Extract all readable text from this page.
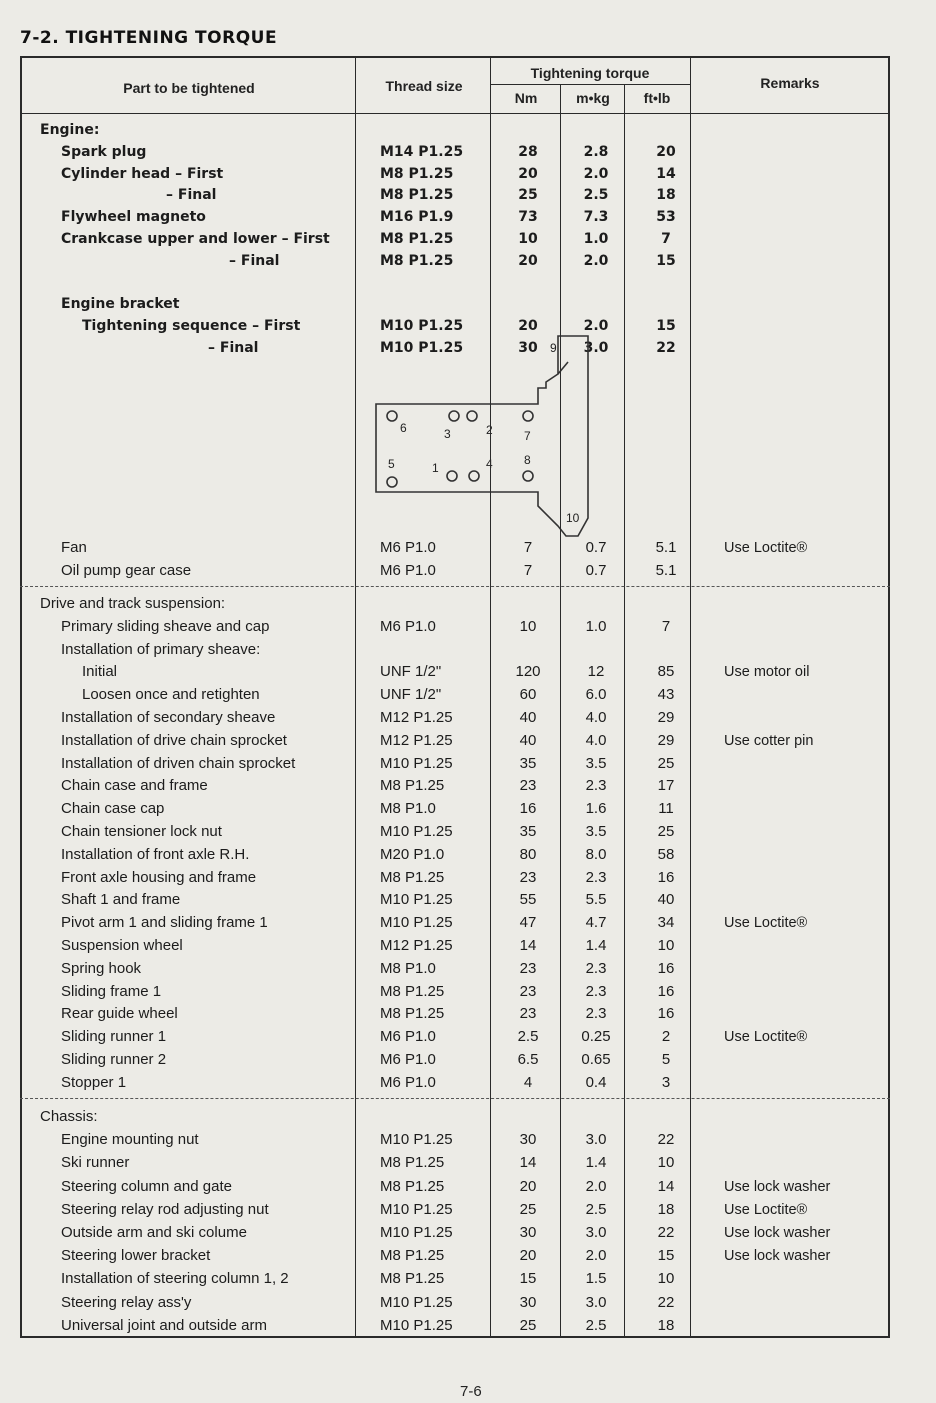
7-2. TIGHTENING TORQUE
Part to be tightened	Thread size
Tightening torque
Nm	m•kg	ft•lb
Remarks
Engine:
Spark plug	M14 P1.25	28	2.8	20
Cylinder head – First	M8 P1.25	20	2.0	14
– Final	M8 P1.25	25	2.5	18
Flywheel magneto	M16 P1.9	73	7.3	53
Crankcase upper and lower – First	M8 P1.25	10	1.0	7
– Final	M8 P1.25	20	2.0	15
Engine bracket
Tightening sequence – First	M10 P1.25	20	2.0	15
– Final	M10 P1.25	30	3.0	22
Fan	M6 P1.0	7	0.7	5.1	Use Loctite®
Oil pump gear case	M6 P1.0	7	0.7	5.1
Drive and track suspension:
Primary sliding sheave and cap	M6 P1.0	10	1.0	7
Installation of primary sheave:
Initial	UNF 1/2"	120	12	85	Use motor oil
Loosen once and retighten	UNF 1/2"	60	6.0	43
Installation of secondary sheave	M12 P1.25	40	4.0	29
Installation of drive chain sprocket	M12 P1.25	40	4.0	29	Use cotter pin
Installation of driven chain sprocket	M10 P1.25	35	3.5	25
Chain case and frame	M8 P1.25	23	2.3	17
Chain case cap	M8 P1.0	16	1.6	11
Chain tensioner lock nut	M10 P1.25	35	3.5	25
Installation of front axle R.H.	M20 P1.0	80	8.0	58
Front axle housing and frame	M8 P1.25	23	2.3	16
Shaft 1 and frame	M10 P1.25	55	5.5	40
Pivot arm 1 and sliding frame 1	M10 P1.25	47	4.7	34	Use Loctite®
Suspension wheel	M12 P1.25	14	1.4	10
Spring hook	M8 P1.0	23	2.3	16
Sliding frame 1	M8 P1.25	23	2.3	16
Rear guide wheel	M8 P1.25	23	2.3	16
Sliding runner 1	M6 P1.0	2.5	0.25	2	Use Loctite®
Sliding runner 2	M6 P1.0	6.5	0.65	5
Stopper 1	M6 P1.0	4	0.4	3
Chassis:
Engine mounting nut	M10 P1.25	30	3.0	22
Ski runner	M8 P1.25	14	1.4	10
Steering column and gate	M8 P1.25	20	2.0	14	Use lock washer
Steering relay rod adjusting nut	M10 P1.25	25	2.5	18	Use Loctite®
Outside arm and ski colume	M10 P1.25	30	3.0	22	Use lock washer
Steering lower bracket	M8 P1.25	20	2.0	15	Use lock washer
Installation of steering column 1, 2	M8 P1.25	15	1.5	10
Steering relay ass'y	M10 P1.25	30	3.0	22
Universal joint and outside arm	M10 P1.25	25	2.5	18
9
6	3	2	7
5	1	4	8
10
7-6
